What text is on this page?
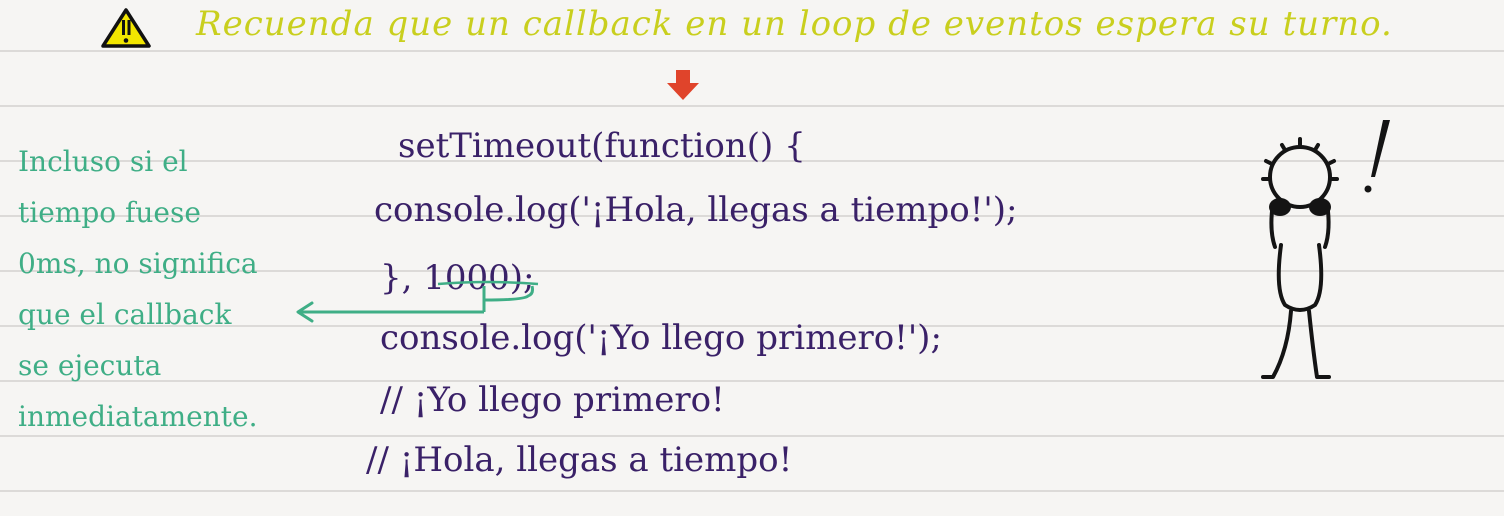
Recuenda que un callback en un loop de eventos espera su turno.
Incluso si el
tiempo fuese
0ms, no significa
que el callback
se ejecuta
inmediatamente.
setTimeout(function() {
console.log('¡Hola, llegas a tiempo!');
}, 1000);
console.log('¡Yo llego primero!');
// ¡Yo llego primero!
// ¡Hola, llegas a tiempo!
